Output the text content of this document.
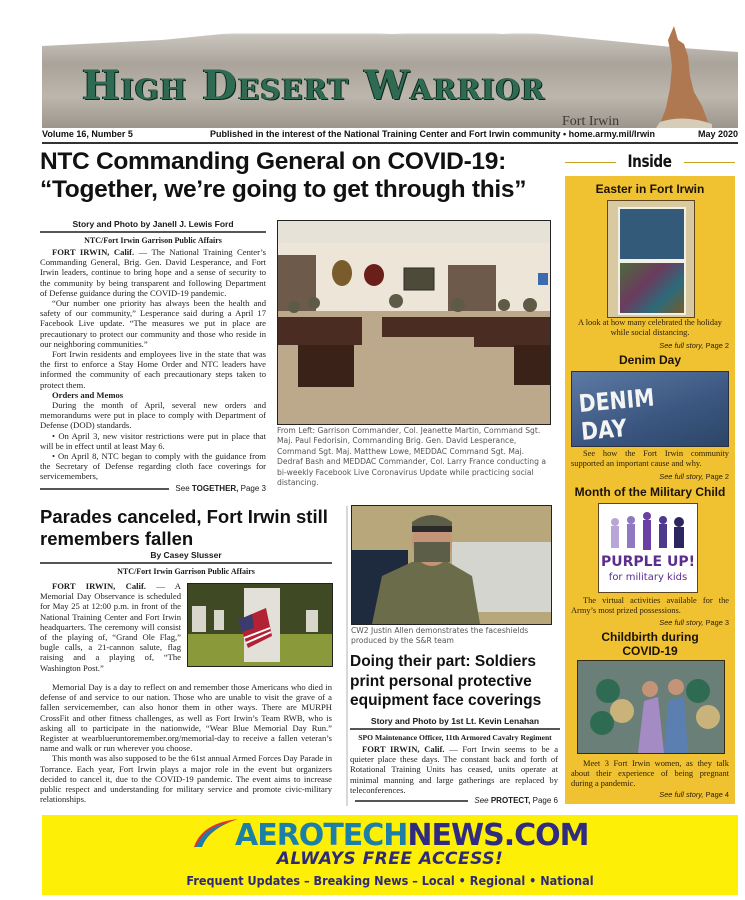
High Desert Warrior
Fort Irwin
Volume 16, Number 5	Published in the interest of the National Training Center and Fort Irwin community • home.army.mil/Irwin	May 2020
NTC Commanding General on COVID-19:
“Together, we’re going to get through this”
Story and Photo by Janell J. Lewis Ford
NTC/Fort Irwin Garrison Public Affairs

FORT IRWIN, Calif. — The National Training Center’s Commanding General, Brig. Gen. David Lesperance, and Fort Irwin leaders, continue to bring hope and a sense of security to the community by being transparent and following Department of Defense guidance during the COVID-19 pandemic.

“Our number one priority has always been the health and safety of our community,” Lesperance said during a April 17 Facebook Live update. “The measures we put in place are precautionary to protect our community and those who reside in our neighboring communities.”

Fort Irwin residents and employees live in the state that was the first to enforce a Stay Home Order and NTC leaders have informed the community of each precautionary steps taken to protect them.

Orders and Memos

During the month of April, several new orders and memorandums were put in place to comply with Department of Defense (DOD) standards.

• On April 3, new visitor restrictions were put in place that will be in effect until at least May 6.

• On April 8, NTC began to comply with the guidance from the Secretary of Defense regarding cloth face coverings for servicemembers,

See
TOGETHER,
Page 3
From Left: Garrison Commander, Col. Jeanette Martin, Command Sgt. Maj. Paul Fedorisin, Commanding Brig. Gen. David Lesperance, Command Sgt. Maj. Matthew Lowe, MEDDAC Command Sgt. Maj. Dedraf Bash and MEDDAC Commander, Col. Larry France conducting a bi-weekly Facebook Live Coronavirus Update while practicing social distancing.
Parades canceled, Fort Irwin still remembers fallen
By Casey Slusser
NTC/Fort Irwin Garrison Public Affairs

FORT IRWIN, Calif. — A Memorial Day Observance is scheduled for May 25 at 12:00 p.m. in front of the National Training Center and Fort Irwin headquarters. The ceremony will consist of the playing of, “Grand Ole Flag,” bugle calls, a 21-cannon salute, flag raising and a playing of, “The Washington Post.”

Memorial Day is a day to reflect on and remember those Americans who died in defense of and service to our nation. Those who are unable to visit the grave of a fallen servicemember, can also honor them in other ways. There are MURPH CrossFit and other fitness challenges, as well as Fort Irwin’s Team RWB, who is asking all to participate in the nationwide, “Wear Blue Memorial Day Run.” Register at wearblueruntoremember.org/memorial-day to receive a fallen veteran’s name and walk or run wherever you choose.

This month was also supposed to be the 61st annual Armed Forces Day Parade in Torrance. Each year, Fort Irwin plays a major role in the event but organizers decided to cancel it, due to the COVID-19 pandemic. The event aims to increase public respect and understanding for military service and promote civic-military relationships.

CW2 Justin Allen demonstrates the faceshields produced by the S&R team
Doing their part: Soldiers print personal protective equipment face coverings
Story and Photo by 1st Lt. Kevin Lenahan
SPO Maintenance Officer, 11th Armored Cavalry Regiment

FORT IRWIN, Calif. — Fort Irwin seems to be a quieter place these days. The constant back and forth of Rotational Training Units has ceased, units operate at minimal manning and large gatherings are replaced by teleconferences.

See
PROTECT,
Page 6
Inside
Easter in Fort Irwin
A look at how many celebrated the holiday while social distancing.
See full story, Page 2
Denim Day
DENIM DAY
See how the Fort Irwin community supported an important cause and why.
See full story, Page 2
Month of the Military Child
PURPLE UP!
for military kids
The virtual activities available for the Army’s most prized possessions.
See full story, Page 3
Childbirth during COVID-19
Meet 3 Fort Irwin women, as they talk about their experience of being pregnant during a pandemic.
See full story, Page 4
AEROTECHNEWS.COM
ALWAYS FREE ACCESS!
Frequent Updates – Breaking News – Local • Regional • National
